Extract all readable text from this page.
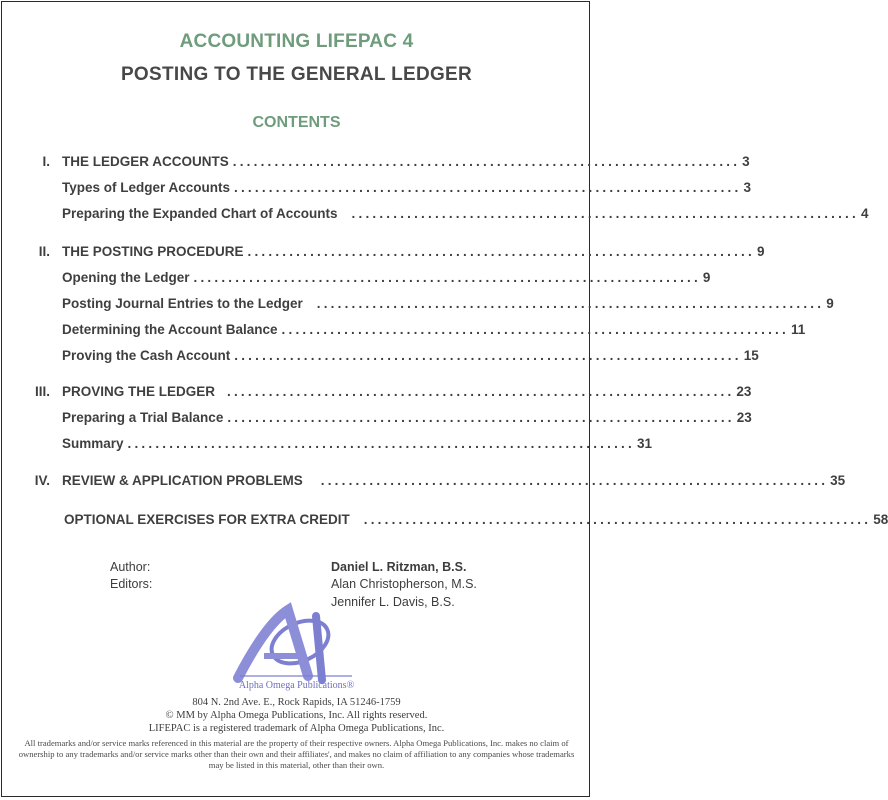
ACCOUNTING LIFEPAC 4
POSTING TO THE GENERAL LEDGER
CONTENTS
I. THE LEDGER ACCOUNTS ......................................................................... 3
Types of Ledger Accounts ......................................................................... 3
Preparing the Expanded Chart of Accounts	......................................................................... 4
II. THE POSTING PROCEDURE ......................................................................... 9
Opening the Ledger ......................................................................... 9
Posting Journal Entries to the Ledger	......................................................................... 9
Determining the Account Balance ......................................................................... 11
Proving the Cash Account ......................................................................... 15
III. PROVING THE LEDGER ......................................................................... 23
Preparing a Trial Balance ......................................................................... 23
Summary ......................................................................... 31
IV. REVIEW & APPLICATION PROBLEMS	......................................................................... 35
OPTIONAL EXERCISES FOR EXTRA CREDIT	......................................................................... 58
Author:	Daniel L. Ritzman, B.S.
Editors:	Alan Christopherson, M.S.
Jennifer L. Davis, B.S.
Alpha Omega Publications®
804 N. 2nd Ave. E., Rock Rapids, IA 51246-1759
© MM by Alpha Omega Publications, Inc. All rights reserved.
LIFEPAC is a registered trademark of Alpha Omega Publications, Inc.
All trademarks and/or service marks referenced in this material are the property of their respective owners. Alpha Omega Publications, Inc. makes no claim of ownership to any trademarks and/or service marks other than their own and their affiliates', and makes no claim of affiliation to any companies whose trademarks may be listed in this material, other than their own.
